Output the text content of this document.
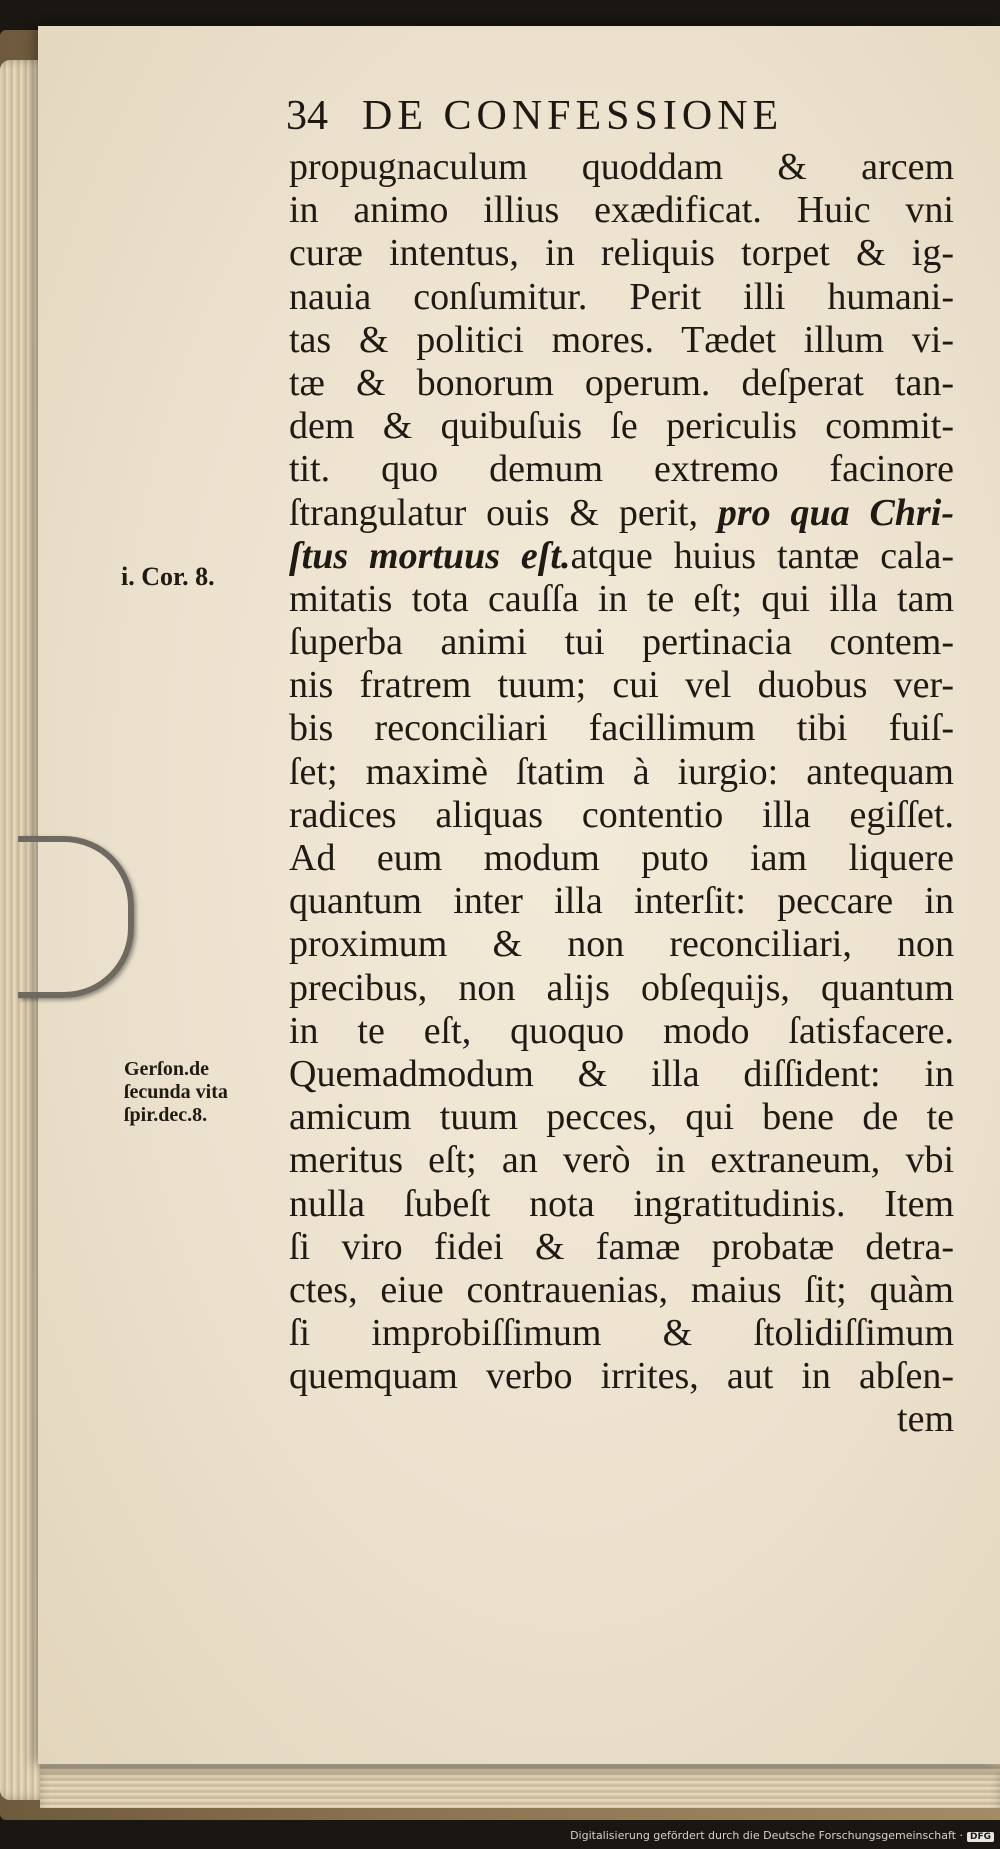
34 DE CONFESSIONE
i. Cor. 8.
Gerſon.de
ſecunda vita
ſpir.dec.8.
propugnaculum quoddam & arcem
in animo illius exædificat. Huic vni
curæ intentus, in reliquis torpet & ig-
nauia conſumitur. Perit illi humani-
tas & politici mores. Tædet illum vi-
tæ & bonorum operum. deſperat tan-
dem & quibuſuis ſe periculis commit-
tit. quo demum extremo facinore
ſtrangulatur ouis & perit, pro qua Chri-
ſtus mortuus eſt.atque huius tantæ cala-
mitatis tota cauſſa in te eſt; qui illa tam
ſuperba animi tui pertinacia contem-
nis fratrem tuum; cui vel duobus ver-
bis reconciliari facillimum tibi fuiſ-
ſet; maximè ſtatim à iurgio: antequam
radices aliquas contentio illa egiſſet.
Ad eum modum puto iam liquere
quantum inter illa interſit: peccare in
proximum & non reconciliari, non
precibus, non alijs obſequijs, quantum
in te eſt, quoquo modo ſatisfacere.
Quemadmodum & illa diſſident: in
amicum tuum pecces, qui bene de te
meritus eſt; an verò in extraneum, vbi
nulla ſubeſt nota ingratitudinis. Item
ſi viro fidei & famæ probatæ detra-
ctes, eiue contrauenias, maius ſit; quàm
ſi improbiſſimum & ſtolidiſſimum
quemquam verbo irrites, aut in abſen-
tem
Digitalisierung gefördert durch die Deutsche Forschungsgemeinschaft · DFG
